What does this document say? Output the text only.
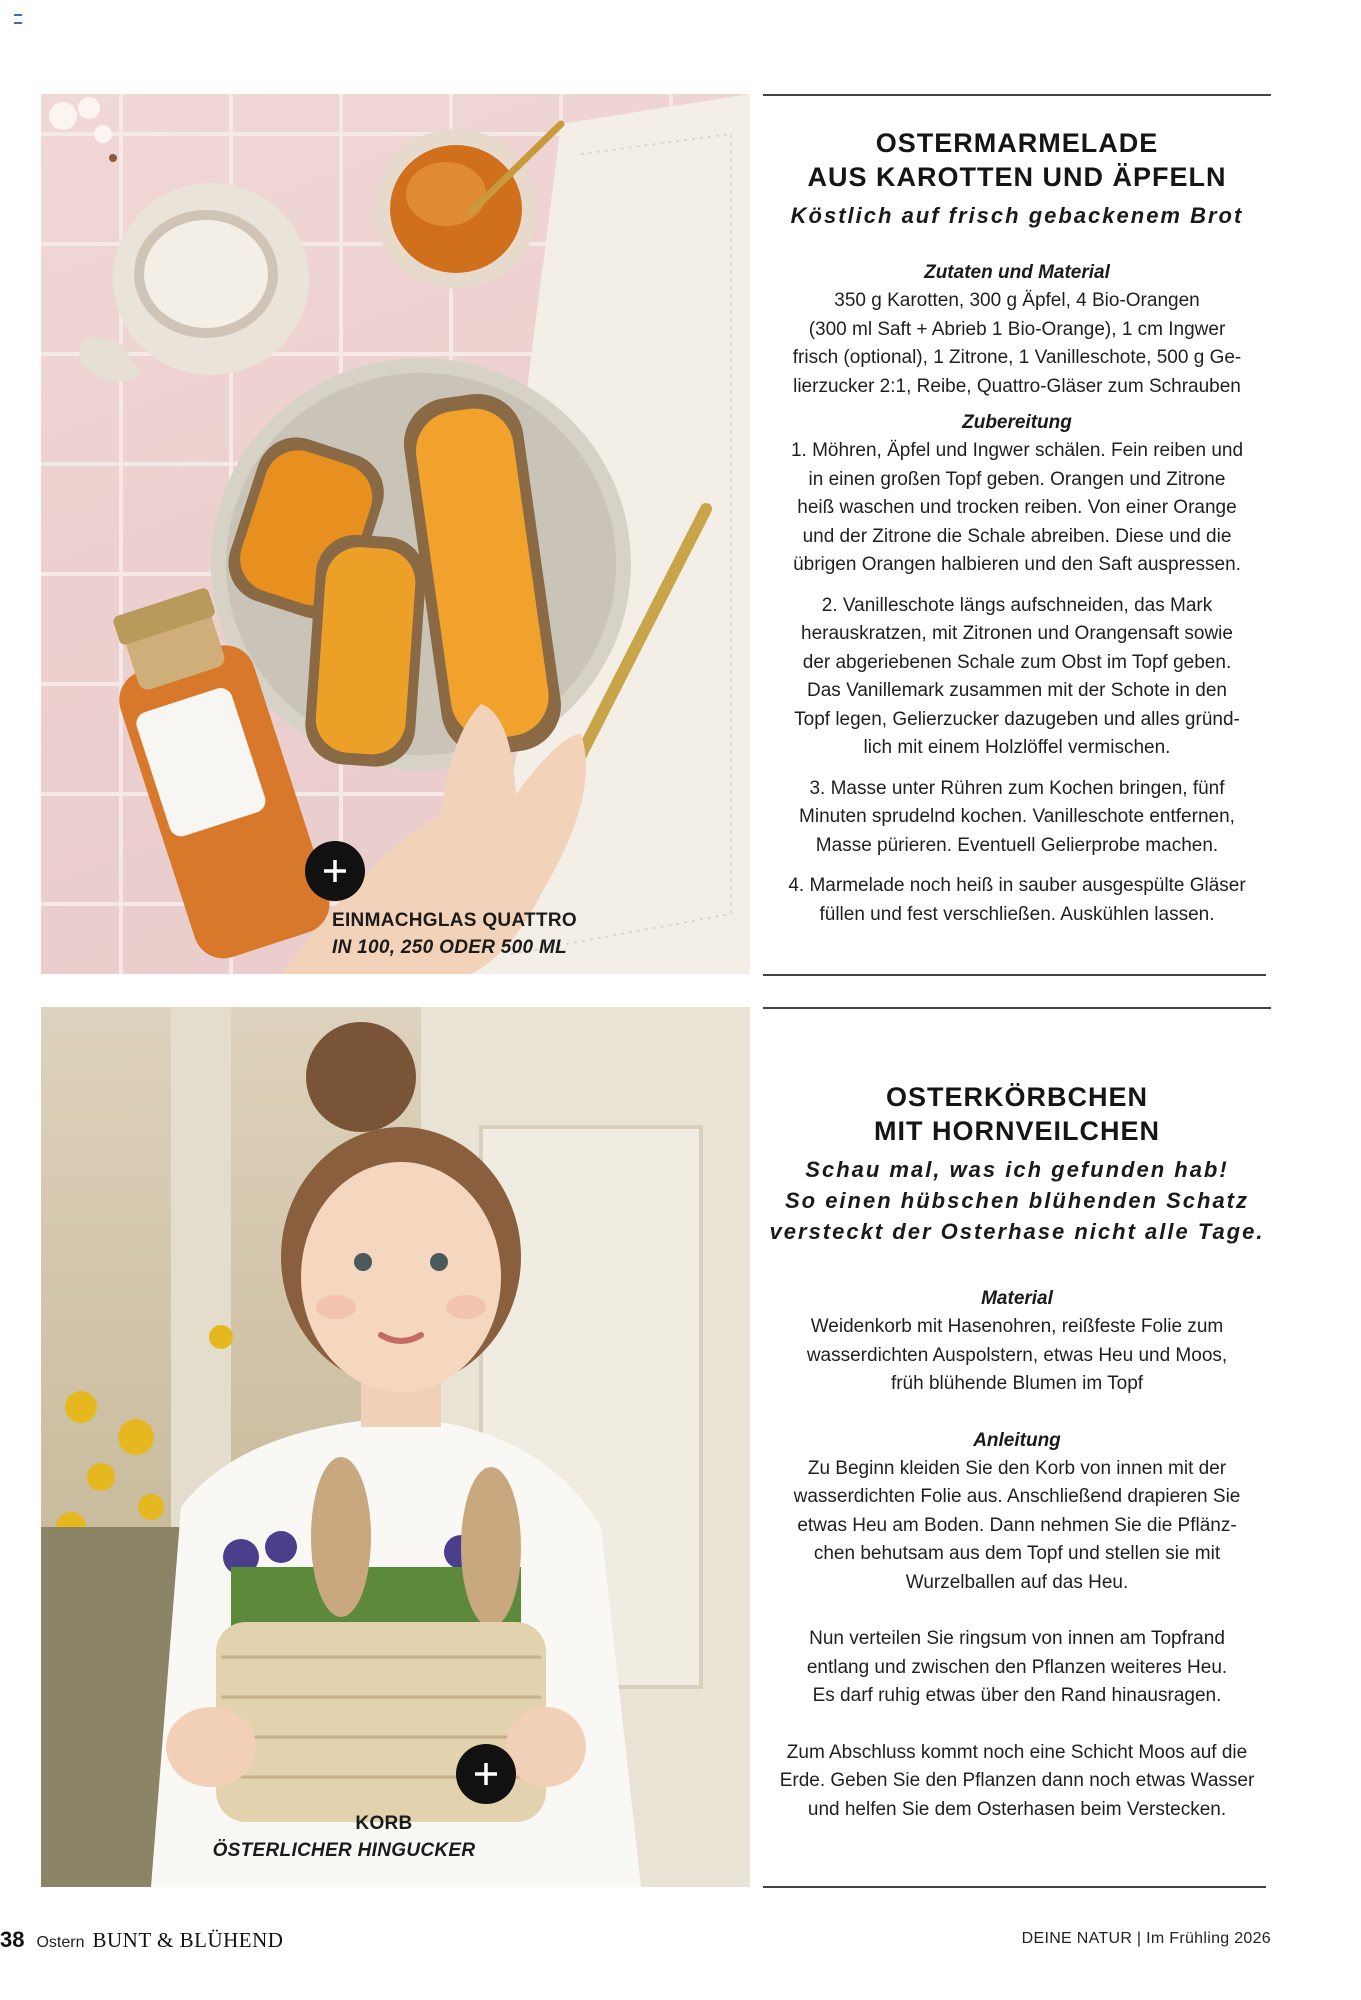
EINMACHGLAS QUATTRO
IN 100, 250 ODER 500 ML
OSTERMARMELADE
AUS KAROTTEN UND ÄPFELN

Köstlich auf frisch gebackenem Brot

Zutaten und Material

350 g Karotten, 300 g Äpfel, 4 Bio-Orangen
(300 ml Saft + Abrieb 1 Bio-Orange), 1 cm Ingwer
frisch (optional), 1 Zitrone, 1 Vanilleschote, 500 g Ge-
lierzucker 2:1, Reibe, Quattro-Gläser zum Schrauben

Zubereitung

1. Möhren, Äpfel und Ingwer schälen. Fein reiben und
in einen großen Topf geben. Orangen und Zitrone
heiß waschen und trocken reiben. Von einer Orange
und der Zitrone die Schale abreiben. Diese und die
übrigen Orangen halbieren und den Saft auspressen.

2. Vanilleschote längs aufschneiden, das Mark
herauskratzen, mit Zitronen und Orangensaft sowie
der abgeriebenen Schale zum Obst im Topf geben.
Das Vanillemark zusammen mit der Schote in den
Topf legen, Gelierzucker dazugeben und alles gründ-
lich mit einem Holzlöffel vermischen.

3. Masse unter Rühren zum Kochen bringen, fünf
Minuten sprudelnd kochen. Vanilleschote entfernen,
Masse pürieren. Eventuell Gelierprobe machen.

4. Marmelade noch heiß in sauber ausgespülte Gläser
füllen und fest verschließen. Auskühlen lassen.

KORB
ÖSTERLICHER HINGUCKER
OSTERKÖRBCHEN
MIT HORNVEILCHEN

Schau mal, was ich gefunden hab!
So einen hübschen blühenden Schatz
versteckt der Osterhase nicht alle Tage.

Material

Weidenkorb mit Hasenohren, reißfeste Folie zum
wasserdichten Auspolstern, etwas Heu und Moos,
früh blühende Blumen im Topf

Anleitung

Zu Beginn kleiden Sie den Korb von innen mit der
wasserdichten Folie aus. Anschließend drapieren Sie
etwas Heu am Boden. Dann nehmen Sie die Pflänz-
chen behutsam aus dem Topf und stellen sie mit
Wurzelballen auf das Heu.

Nun verteilen Sie ringsum von innen am Topfrand
entlang und zwischen den Pflanzen weiteres Heu.
Es darf ruhig etwas über den Rand hinausragen.

Zum Abschluss kommt noch eine Schicht Moos auf die
Erde. Geben Sie den Pflanzen dann noch etwas Wasser
und helfen Sie dem Osterhasen beim Verstecken.

38 Ostern BUNT & BLÜHEND	DEINE NATUR | Im Frühling 2026
